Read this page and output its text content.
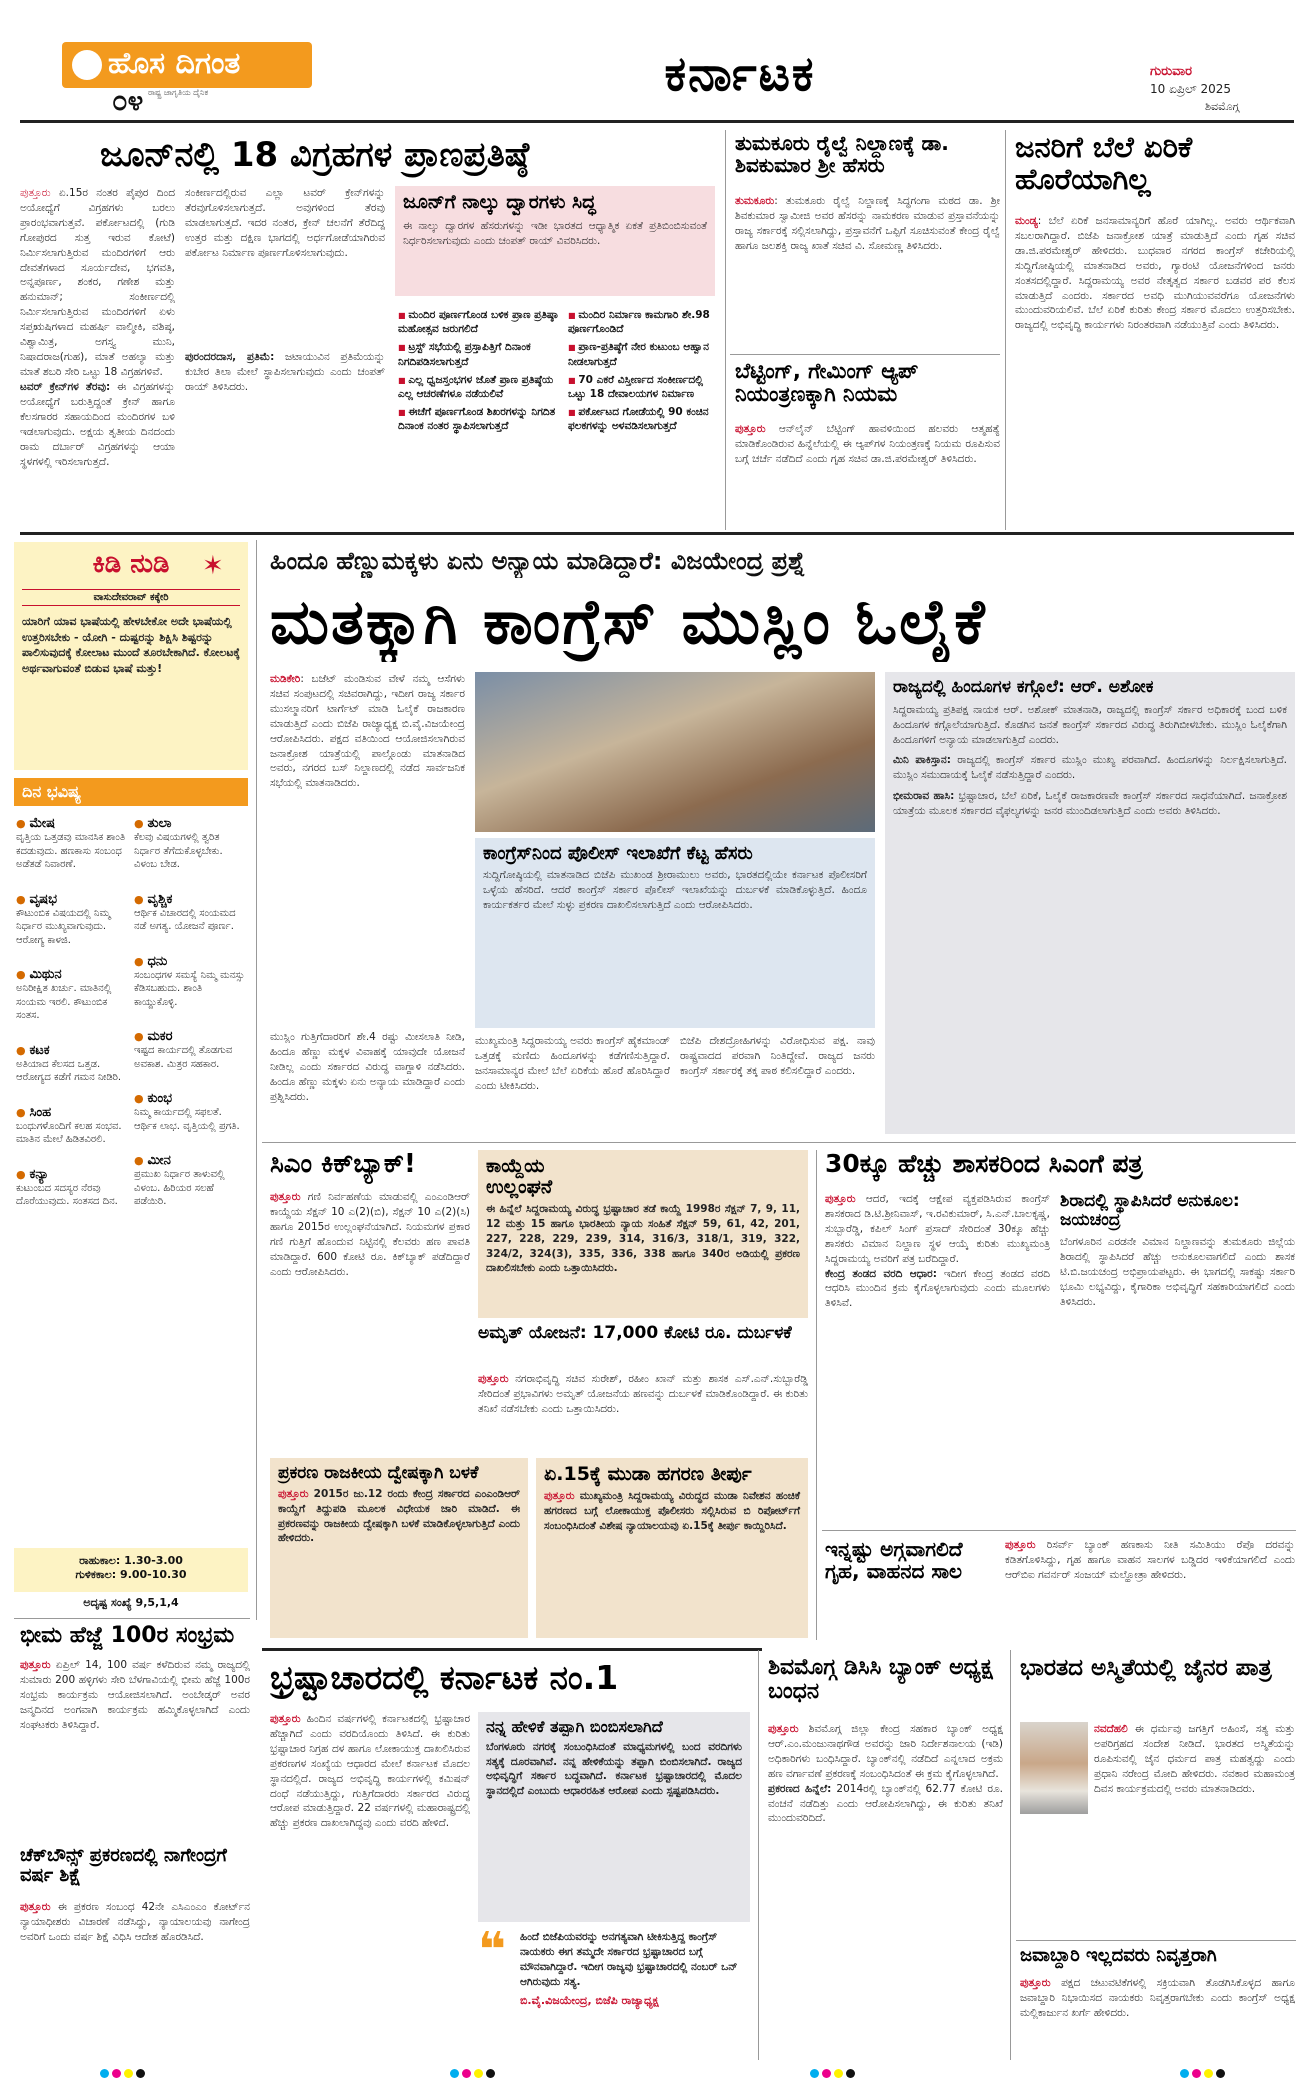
ಹೊಸ ದಿಗಂತ
ರಾಷ್ಟ್ರ ಜಾಗೃತಿಯ ದೈನಿಕ
೦೪	ಕರ್ನಾಟಕ	ಗುರುವಾರ
10 ಏಪ್ರಿಲ್ 2025
ಶಿವಮೊಗ್ಗ
ಜೂನ್‌ನಲ್ಲಿ 18 ವಿಗ್ರಹಗಳ ಪ್ರಾಣಪ್ರತಿಷ್ಠೆ
ಪುತ್ತೂರು ಏ.15ರ ನಂತರ ಪೈಪುರ ದಿಂದ ಅಯೋಧ್ಯೆಗೆ ವಿಗ್ರಹಗಳು ಬರಲು ಪ್ರಾರಂಭವಾಗುತ್ತವೆ. ಪರ್ಕೋಟದಲ್ಲಿ (ಗುಡಿ ಗೋಪುರದ ಸುತ್ತ ಇರುವ ಕೋಟೆ) ನಿರ್ಮಿಸಲಾಗುತ್ತಿರುವ ಮಂದಿರಗಳಿಗೆ ಆರು ದೇವತೆಗಳಾದ ಸೂರ್ಯದೇವ, ಭಗವತಿ, ಅನ್ನಪೂರ್ಣ, ಶಂಕರ, ಗಣೇಶ ಮತ್ತು ಹನುಮಾನ್; ಸಂಕೀರ್ಣದಲ್ಲಿ ನಿರ್ಮಿಸಲಾಗುತ್ತಿರುವ ಮಂದಿರಗಳಿಗೆ ಏಳು ಸಪ್ತಋಷಿಗಳಾದ ಮಹರ್ಷಿ ವಾಲ್ಮೀಕಿ, ವಶಿಷ್ಠ, ವಿಶ್ವಾಮಿತ್ರ, ಅಗಸ್ತ್ಯ ಮುನಿ, ನಿಷಾದರಾಜ(ಗುಹ), ಮಾತೆ ಅಹಲ್ಯಾ ಮತ್ತು ಮಾತೆ ಶಬರಿ ಸೇರಿ ಒಟ್ಟು 18 ವಿಗ್ರಹಗಳಿವೆ.
ಟವರ್ ಕ್ರೇನ್‌ಗಳ ತೆರವು: ಈ ವಿಗ್ರಹಗಳನ್ನು ಅಯೋಧ್ಯೆಗೆ ಬರುತ್ತಿದ್ದಂತೆ ಕ್ರೇನ್ ಹಾಗೂ ಕೆಲಸಗಾರರ ಸಹಾಯದಿಂದ ಮಂದಿರಗಳ ಬಳಿ ಇಡಲಾಗುವುದು. ಅಕ್ಷಯ ತೃತೀಯ ದಿನದಂದು ರಾಮ ದರ್ಬಾರ್ ವಿಗ್ರಹಗಳನ್ನು ಆಯಾ ಸ್ಥಳಗಳಲ್ಲಿ ಇರಿಸಲಾಗುತ್ತದೆ.
ಸಂಕೀರ್ಣದಲ್ಲಿರುವ ಎಲ್ಲಾ ಟವರ್ ಕ್ರೇನ್‌ಗಳನ್ನು ತೆರವುಗೊಳಿಸಲಾಗುತ್ತದೆ. ಅವುಗಳಿಂದ ತೆರವು ಮಾಡಲಾಗುತ್ತದೆ. ಇದರ ನಂತರ, ಕ್ರೇನ್ ಚಲನೆಗೆ ತೆರೆದಿದ್ದ ಉತ್ತರ ಮತ್ತು ದಕ್ಷಿಣ ಭಾಗದಲ್ಲಿ ಅರ್ಧಗೋಡೆಯಾಗಿರುವ ಪರ್ಕೋಟ ನಿರ್ಮಾಣ ಪೂರ್ಣಗೊಳಿಸಲಾಗುವುದು.
ಪುರಂದರದಾಸ, ಪ್ರತಿಮೆ: ಜಟಾಯುವಿನ ಪ್ರತಿಮೆಯನ್ನು ಕುಬೇರ ತಿಲಾ ಮೇಲೆ ಸ್ಥಾಪಿಸಲಾಗುವುದು ಎಂದು ಚಂಪತ್ ರಾಯ್ ತಿಳಿಸಿದರು.
ಜೂನ್‌ಗೆ ನಾಲ್ಕು ದ್ವಾರಗಳು ಸಿದ್ಧ
ಈ ನಾಲ್ಕು ದ್ವಾರಗಳ ಹೆಸರುಗಳನ್ನು ಇಡೀ ಭಾರತದ ಆಧ್ಯಾತ್ಮಿಕ ಏಕತೆ ಪ್ರತಿಬಿಂಬಿಸುವಂತೆ ನಿರ್ಧರಿಸಲಾಗುವುದು ಎಂದು ಚಂಪತ್ ರಾಯ್ ವಿವರಿಸಿದರು.
■ ಮಂದಿರ ಪೂರ್ಣಗೊಂಡ ಬಳಿಕ ಪ್ರಾಣ ಪ್ರತಿಷ್ಠಾ ಮಹೋತ್ಸವ ಜರುಗಲಿದೆ
■ ಟ್ರಸ್ಟ್ ಸಭೆಯಲ್ಲಿ ಪ್ರಸ್ತಾಪಿತ್ತಿಗೆ ದಿನಾಂಕ ನಿಗದಿಪಡಿಸಲಾಗುತ್ತದೆ
■ ಎಲ್ಲ ಧ್ವಜಸ್ತಂಭಗಳ ಜೊತೆ ಪ್ರಾಣ ಪ್ರತಿಷ್ಠೆಯ ಎಲ್ಲ ಆಚರಣೆಗಳೂ ನಡೆಯಲಿವೆ
■ ಈಚೆಗೆ ಪೂರ್ಣಗೊಂಡ ಶಿಖರಗಳನ್ನು ನಿಗದಿತ ದಿನಾಂಕ ನಂತರ ಸ್ಥಾಪಿಸಲಾಗುತ್ತದೆ
■ ಮಂದಿರ ನಿರ್ಮಾಣ ಕಾಮಗಾರಿ ಶೇ.98 ಪೂರ್ಣಗೊಂಡಿದೆ
■ ಪ್ರಾಣ-ಪ್ರತಿಷ್ಠೆಗೆ ನೇರ ಕುಟುಂಬ ಆಹ್ವಾನ ನೀಡಲಾಗುತ್ತದೆ
■ 70 ಎಕರೆ ವಿಸ್ತೀರ್ಣದ ಸಂಕೀರ್ಣದಲ್ಲಿ ಒಟ್ಟು 18 ದೇವಾಲಯಗಳ ನಿರ್ಮಾಣ
■ ಪರ್ಕೋಟದ ಗೋಡೆಯಲ್ಲಿ 90 ಕಂಚಿನ ಫಲಕಗಳನ್ನು ಅಳವಡಿಸಲಾಗುತ್ತದೆ
ತುಮಕೂರು ರೈಲ್ವೆ ನಿಲ್ದಾಣಕ್ಕೆ ಡಾ. ಶಿವಕುಮಾರ ಶ್ರೀ ಹೆಸರು
ತುಮಕೂರು: ತುಮಕೂರು ರೈಲ್ವೆ ನಿಲ್ದಾಣಕ್ಕೆ ಸಿದ್ಧಗಂಗಾ ಮಠದ ಡಾ. ಶ್ರೀ ಶಿವಕುಮಾರ ಸ್ವಾಮೀಜಿ ಅವರ ಹೆಸರನ್ನು ನಾಮಕರಣ ಮಾಡುವ ಪ್ರಸ್ತಾವನೆಯನ್ನು ರಾಜ್ಯ ಸರ್ಕಾರಕ್ಕೆ ಸಲ್ಲಿಸಲಾಗಿದ್ದು, ಪ್ರಸ್ತಾವನೆಗೆ ಒಪ್ಪಿಗೆ ಸೂಚಿಸುವಂತೆ ಕೇಂದ್ರ ರೈಲ್ವೆ ಹಾಗೂ ಜಲಶಕ್ತಿ ರಾಜ್ಯ ಖಾತೆ ಸಚಿವ ವಿ. ಸೋಮಣ್ಣ ತಿಳಿಸಿದರು.
ಬೆಟ್ಟಿಂಗ್, ಗೇಮಿಂಗ್ ಆ್ಯಪ್ ನಿಯಂತ್ರಣಕ್ಕಾಗಿ ನಿಯಮ
ಪುತ್ತೂರು ಆನ್‌ಲೈನ್ ಬೆಟ್ಟಿಂಗ್ ಹಾವಳಿಯಿಂದ ಹಲವರು ಆತ್ಮಹತ್ಯೆ ಮಾಡಿಕೊಂಡಿರುವ ಹಿನ್ನೆಲೆಯಲ್ಲಿ ಈ ಆ್ಯಪ್‌ಗಳ ನಿಯಂತ್ರಣಕ್ಕೆ ನಿಯಮ ರೂಪಿಸುವ ಬಗ್ಗೆ ಚರ್ಚೆ ನಡೆದಿದೆ ಎಂದು ಗೃಹ ಸಚಿವ ಡಾ.ಜಿ.ಪರಮೇಶ್ವರ್ ತಿಳಿಸಿದರು.
ಜನರಿಗೆ ಬೆಲೆ ಏರಿಕೆ ಹೊರೆಯಾಗಿಲ್ಲ
ಮಂಡ್ಯ: ಬೆಲೆ ಏರಿಕೆ ಜನಸಾಮಾನ್ಯರಿಗೆ ಹೊರೆ ಯಾಗಿಲ್ಲ. ಅವರು ಆರ್ಥಿಕವಾಗಿ ಸಬಲರಾಗಿದ್ದಾರೆ. ಬಿಜೆಪಿ ಜನಾಕ್ರೋಶ ಯಾತ್ರೆ ಮಾಡುತ್ತಿದೆ ಎಂದು ಗೃಹ ಸಚಿವ ಡಾ.ಜಿ.ಪರಮೇಶ್ವರ್ ಹೇಳಿದರು. ಬುಧವಾರ ನಗರದ ಕಾಂಗ್ರೆಸ್ ಕಚೇರಿಯಲ್ಲಿ ಸುದ್ದಿಗೋಷ್ಠಿಯಲ್ಲಿ ಮಾತನಾಡಿದ ಅವರು, ಗ್ಯಾರಂಟಿ ಯೋಜನೆಗಳಿಂದ ಜನರು ಸಂತಸದಲ್ಲಿದ್ದಾರೆ. ಸಿದ್ದರಾಮಯ್ಯ ಅವರ ನೇತೃತ್ವದ ಸರ್ಕಾರ ಬಡವರ ಪರ ಕೆಲಸ ಮಾಡುತ್ತಿದೆ ಎಂದರು. ಸರ್ಕಾರದ ಅವಧಿ ಮುಗಿಯುವವರೆಗೂ ಯೋಜನೆಗಳು ಮುಂದುವರಿಯಲಿವೆ. ಬೆಲೆ ಏರಿಕೆ ಕುರಿತು ಕೇಂದ್ರ ಸರ್ಕಾರ ಮೊದಲು ಉತ್ತರಿಸಬೇಕು. ರಾಜ್ಯದಲ್ಲಿ ಅಭಿವೃದ್ಧಿ ಕಾರ್ಯಗಳು ನಿರಂತರವಾಗಿ ನಡೆಯುತ್ತಿವೆ ಎಂದು ತಿಳಿಸಿದರು.
ಕಿಡಿ ನುಡಿ	✶
ವಾಸುದೇವರಾವ್ ಕಕ್ಕೇರಿ
ಯಾರಿಗೆ ಯಾವ ಭಾಷೆಯಲ್ಲಿ ಹೇಳಬೇಕೋ ಅದೇ ಭಾಷೆಯಲ್ಲಿ ಉತ್ತರಿಸಬೇಕು - ಯೋಗಿ - ದುಷ್ಟರನ್ನು ಶಿಕ್ಷಿಸಿ ಶಿಷ್ಟರನ್ನು ಪಾಲಿಸುವುದಕ್ಕೆ ಕೋಲಾಟ ಮುಂದೆ ತೂರಬೇಕಾಗಿದೆ. ಕೋಲಟಕ್ಕೆ ಅರ್ಥವಾಗುವಂತೆ ಬಿಡುವ ಭಾಷೆ ಮತ್ತು!
ದಿನ ಭವಿಷ್ಯ
● ಮೇಷ
ವೃತ್ತಿಯ ಒತ್ತಡವು ಮಾನಸಿಕ ಶಾಂತಿ ಕದಡುವುದು. ಹಣಕಾಸು ಸಂಬಂಧ ಅಡೆತಡೆ ನಿವಾರಣೆ.
● ವೃಷಭ
ಕೌಟುಂಬಿಕ ವಿಷಯದಲ್ಲಿ ನಿಮ್ಮ ನಿರ್ಧಾರ ಮುಖ್ಯವಾಗುವುದು. ಆರೋಗ್ಯ ಕಾಳಜಿ.
● ಮಿಥುನ
ಅನಿರೀಕ್ಷಿತ ಖರ್ಚು. ಮಾತಿನಲ್ಲಿ ಸಂಯಮ ಇರಲಿ. ಕೌಟುಂಬಿಕ ಸಂತಸ.
● ಕಟಕ
ಅತಿಯಾದ ಕೆಲಸದ ಒತ್ತಡ. ಆರೋಗ್ಯದ ಕಡೆಗೆ ಗಮನ ನೀಡಿರಿ.
● ಸಿಂಹ
ಬಂಧುಗಳೊಂದಿಗೆ ಕಲಹ ಸಂಭವ. ಮಾತಿನ ಮೇಲೆ ಹಿಡಿತವಿರಲಿ.
● ಕನ್ಯಾ
ಕುಟುಂಬದ ಸದಸ್ಯರ ನೆರವು ದೊರೆಯುವುದು. ಸಂತಸದ ದಿನ.
● ತುಲಾ
ಕೆಲವು ವಿಷಯಗಳಲ್ಲಿ ತ್ವರಿತ ನಿರ್ಧಾರ ತೆಗೆದುಕೊಳ್ಳಬೇಕು. ವಿಳಂಬ ಬೇಡ.
● ವೃಶ್ಚಿಕ
ಆರ್ಥಿಕ ವಿಚಾರದಲ್ಲಿ ಸಂಯಮದ ನಡೆ ಅಗತ್ಯ. ಯೋಜನೆ ಪೂರ್ಣ.
● ಧನು
ಸಂಬಂಧಗಳ ಸಮಸ್ಯೆ ನಿಮ್ಮ ಮನಸ್ಸು ಕೆಡಿಸಬಹುದು. ಶಾಂತಿ ಕಾಯ್ದುಕೊಳ್ಳಿ.
● ಮಕರ
ಇಷ್ಟದ ಕಾರ್ಯದಲ್ಲಿ ತೊಡಗುವ ಅವಕಾಶ. ಮಿತ್ರರ ಸಹಕಾರ.
● ಕುಂಭ
ನಿಮ್ಮ ಕಾರ್ಯದಲ್ಲಿ ಸಫಲತೆ. ಆರ್ಥಿಕ ಲಾಭ. ವೃತ್ತಿಯಲ್ಲಿ ಪ್ರಗತಿ.
● ಮೀನ
ಪ್ರಮುಖ ನಿರ್ಧಾರ ತಾಳುವಲ್ಲಿ ವಿಳಂಬ. ಹಿರಿಯರ ಸಲಹೆ ಪಡೆಯಿರಿ.
ರಾಹುಕಾಲ: 1.30-3.00
ಗುಳಿಕಕಾಲ: 9.00-10.30
ಅದೃಷ್ಟ ಸಂಖ್ಯೆ 9,5,1,4
ಹಿಂದೂ ಹೆಣ್ಣುಮಕ್ಕಳು ಏನು ಅನ್ಯಾಯ ಮಾಡಿದ್ದಾರೆ: ವಿಜಯೇಂದ್ರ ಪ್ರಶ್ನೆ
ಮತಕ್ಕಾಗಿ ಕಾಂಗ್ರೆಸ್ ಮುಸ್ಲಿಂ ಓಲೈಕೆ
ಮಡಿಕೇರಿ: ಬಜೆಟ್ ಮಂಡಿಸುವ ವೇಳೆ ನಮ್ಮ ಆಸೆಗಳು ಸಚಿವ ಸಂಪುಟದಲ್ಲಿ ಸಚಿವರಾಗಿದ್ದು, ಇದೀಗ ರಾಜ್ಯ ಸರ್ಕಾರ ಮುಸಲ್ಮಾನರಿಗೆ ಟಾರ್ಗೆಟ್ ಮಾಡಿ ಓಲೈಕೆ ರಾಜಕಾರಣ ಮಾಡುತ್ತಿದೆ ಎಂದು ಬಿಜೆಪಿ ರಾಜ್ಯಾಧ್ಯಕ್ಷ ಬಿ.ವೈ.ವಿಜಯೇಂದ್ರ ಆರೋಪಿಸಿದರು. ಪಕ್ಷದ ವತಿಯಿಂದ ಆಯೋಜಿಸಲಾಗಿರುವ ಜನಾಕ್ರೋಶ ಯಾತ್ರೆಯಲ್ಲಿ ಪಾಲ್ಗೊಂಡು ಮಾತನಾಡಿದ ಅವರು, ನಗರದ ಬಸ್ ನಿಲ್ದಾಣದಲ್ಲಿ ನಡೆದ ಸಾರ್ವಜನಿಕ ಸಭೆಯಲ್ಲಿ ಮಾತನಾಡಿದರು.
ಮುಸ್ಲಿಂ ಗುತ್ತಿಗೆದಾರರಿಗೆ ಶೇ.4 ರಷ್ಟು ಮೀಸಲಾತಿ ನೀಡಿ, ಹಿಂದೂ ಹೆಣ್ಣು ಮಕ್ಕಳ ವಿವಾಹಕ್ಕೆ ಯಾವುದೇ ಯೋಜನೆ ನೀಡಿಲ್ಲ ಎಂದು ಸರ್ಕಾರದ ವಿರುದ್ಧ ವಾಗ್ದಾಳಿ ನಡೆಸಿದರು. ಹಿಂದೂ ಹೆಣ್ಣು ಮಕ್ಕಳು ಏನು ಅನ್ಯಾಯ ಮಾಡಿದ್ದಾರೆ ಎಂದು ಪ್ರಶ್ನಿಸಿದರು.
ಕಾಂಗ್ರೆಸ್‌ನಿಂದ ಪೊಲೀಸ್ ಇಲಾಖೆಗೆ ಕೆಟ್ಟ ಹೆಸರು
ಸುದ್ದಿಗೋಷ್ಠಿಯಲ್ಲಿ ಮಾತನಾಡಿದ ಬಿಜೆಪಿ ಮುಖಂಡ ಶ್ರೀರಾಮುಲು ಅವರು, ಭಾರತದಲ್ಲಿಯೇ ಕರ್ನಾಟಕ ಪೊಲೀಸರಿಗೆ ಒಳ್ಳೆಯ ಹೆಸರಿದೆ. ಆದರೆ ಕಾಂಗ್ರೆಸ್ ಸರ್ಕಾರ ಪೊಲೀಸ್ ಇಲಾಖೆಯನ್ನು ದುರ್ಬಳಕೆ ಮಾಡಿಕೊಳ್ಳುತ್ತಿದೆ. ಹಿಂದೂ ಕಾರ್ಯಕರ್ತರ ಮೇಲೆ ಸುಳ್ಳು ಪ್ರಕರಣ ದಾಖಲಿಸಲಾಗುತ್ತಿದೆ ಎಂದು ಆರೋಪಿಸಿದರು.
ಮುಖ್ಯಮಂತ್ರಿ ಸಿದ್ದರಾಮಯ್ಯ ಅವರು ಕಾಂಗ್ರೆಸ್ ಹೈಕಮಾಂಡ್ ಒತ್ತಡಕ್ಕೆ ಮಣಿದು ಹಿಂದೂಗಳನ್ನು ಕಡೆಗಣಿಸುತ್ತಿದ್ದಾರೆ. ಜನಸಾಮಾನ್ಯರ ಮೇಲೆ ಬೆಲೆ ಏರಿಕೆಯ ಹೊರೆ ಹೊರಿಸಿದ್ದಾರೆ ಎಂದು ಟೀಕಿಸಿದರು.
ಬಿಜೆಪಿ ದೇಶದ್ರೋಹಿಗಳನ್ನು ವಿರೋಧಿಸುವ ಪಕ್ಷ. ನಾವು ರಾಷ್ಟ್ರವಾದದ ಪರವಾಗಿ ನಿಂತಿದ್ದೇವೆ. ರಾಜ್ಯದ ಜನರು ಕಾಂಗ್ರೆಸ್ ಸರ್ಕಾರಕ್ಕೆ ತಕ್ಕ ಪಾಠ ಕಲಿಸಲಿದ್ದಾರೆ ಎಂದರು.
ರಾಜ್ಯದಲ್ಲಿ ಹಿಂದೂಗಳ ಕಗ್ಗೊಲೆ: ಆರ್. ಅಶೋಕ
ಸಿದ್ದರಾಮಯ್ಯ ಪ್ರತಿಪಕ್ಷ ನಾಯಕ ಆರ್. ಅಶೋಕ್ ಮಾತನಾಡಿ, ರಾಜ್ಯದಲ್ಲಿ ಕಾಂಗ್ರೆಸ್ ಸರ್ಕಾರ ಅಧಿಕಾರಕ್ಕೆ ಬಂದ ಬಳಿಕ ಹಿಂದೂಗಳ ಕಗ್ಗೊಲೆಯಾಗುತ್ತಿದೆ. ಕೊಡಗಿನ ಜನತೆ ಕಾಂಗ್ರೆಸ್ ಸರ್ಕಾರದ ವಿರುದ್ಧ ತಿರುಗಿಬೀಳಬೇಕು. ಮುಸ್ಲಿಂ ಓಲೈಕೆಗಾಗಿ ಹಿಂದೂಗಳಿಗೆ ಅನ್ಯಾಯ ಮಾಡಲಾಗುತ್ತಿದೆ ಎಂದರು.
ಮಿನಿ ಪಾಕಿಸ್ತಾನ: ರಾಜ್ಯದಲ್ಲಿ ಕಾಂಗ್ರೆಸ್ ಸರ್ಕಾರ ಮುಸ್ಲಿಂ ಮುಖ್ಯ ಪರವಾಗಿದೆ. ಹಿಂದೂಗಳನ್ನು ನಿರ್ಲಕ್ಷಿಸಲಾಗುತ್ತಿದೆ. ಮುಸ್ಲಿಂ ಸಮುದಾಯಕ್ಕೆ ಓಲೈಕೆ ನಡೆಸುತ್ತಿದ್ದಾರೆ ಎಂದರು.
ಭೀಮರಾವ ಹಾಸಿ: ಭ್ರಷ್ಟಾಚಾರ, ಬೆಲೆ ಏರಿಕೆ, ಓಲೈಕೆ ರಾಜಕಾರಣವೇ ಕಾಂಗ್ರೆಸ್ ಸರ್ಕಾರದ ಸಾಧನೆಯಾಗಿದೆ. ಜನಾಕ್ರೋಶ ಯಾತ್ರೆಯ ಮೂಲಕ ಸರ್ಕಾರದ ವೈಫಲ್ಯಗಳನ್ನು ಜನರ ಮುಂದಿಡಲಾಗುತ್ತಿದೆ ಎಂದು ಅವರು ತಿಳಿಸಿದರು.
ಸಿಎಂ ಕಿಕ್‌ಬ್ಯಾಕ್!
ಪುತ್ತೂರು ಗಣಿ ನಿರ್ವಹಣೆಯ ಮಾಡುವಲ್ಲಿ ಎಂಎಂಡಿಆರ್ ಕಾಯ್ದೆಯ ಸೆಕ್ಷನ್ 10 ಎ(2)(ಬಿ), ಸೆಕ್ಷನ್ 10 ಎ(2)(ಸಿ) ಹಾಗೂ 2015ರ ಉಲ್ಲಂಘನೆಯಾಗಿದೆ. ನಿಯಮಗಳ ಪ್ರಕಾರ ಗಣಿ ಗುತ್ತಿಗೆ ಹೊಂದುವ ನಿಟ್ಟಿನಲ್ಲಿ ಕೆಲವರು ಹಣ ಪಾವತಿ ಮಾಡಿದ್ದಾರೆ. 600 ಕೋಟಿ ರೂ. ಕಿಕ್‌ಬ್ಯಾಕ್ ಪಡೆದಿದ್ದಾರೆ ಎಂದು ಆರೋಪಿಸಿದರು.
ಕಾಯ್ದೆಯ ಉಲ್ಲಂಘನೆ
ಈ ಹಿನ್ನೆಲೆ ಸಿದ್ದರಾಮಯ್ಯ ವಿರುದ್ಧ ಭ್ರಷ್ಟಾಚಾರ ತಡೆ ಕಾಯ್ದೆ 1998ರ ಸೆಕ್ಷನ್ 7, 9, 11, 12 ಮತ್ತು 15 ಹಾಗೂ ಭಾರತೀಯ ನ್ಯಾಯ ಸಂಹಿತೆ ಸೆಕ್ಷನ್ 59, 61, 42, 201, 227, 228, 229, 239, 314, 316/3, 318/1, 319, 322, 324/2, 324(3), 335, 336, 338 ಹಾಗೂ 340ರ ಅಡಿಯಲ್ಲಿ ಪ್ರಕರಣ ದಾಖಲಿಸಬೇಕು ಎಂದು ಒತ್ತಾಯಿಸಿದರು.
ಅಮೃತ್ ಯೋಜನೆ: 17,000 ಕೋಟಿ ರೂ. ದುರ್ಬಳಕೆ
ಪುತ್ತೂರು ನಗರಾಭಿವೃದ್ಧಿ ಸಚಿವ ಸುರೇಶ್, ರಹೀಂ ಖಾನ್ ಮತ್ತು ಶಾಸಕ ಎಸ್.ಎನ್.ಸುಬ್ಬಾರೆಡ್ಡಿ ಸೇರಿದಂತೆ ಪ್ರಭಾವಿಗಳು ಅಮೃತ್ ಯೋಜನೆಯ ಹಣವನ್ನು ದುರ್ಬಳಕೆ ಮಾಡಿಕೊಂಡಿದ್ದಾರೆ. ಈ ಕುರಿತು ತನಿಖೆ ನಡೆಸಬೇಕು ಎಂದು ಒತ್ತಾಯಿಸಿದರು.
ಪ್ರಕರಣ ರಾಜಕೀಯ ದ್ವೇಷಕ್ಕಾಗಿ ಬಳಕೆ
ಪುತ್ತೂರು 2015ರ ಜು.12 ರಂದು ಕೇಂದ್ರ ಸರ್ಕಾರದ ಎಂಎಂಡಿಆರ್ ಕಾಯ್ದೆಗೆ ತಿದ್ದುಪಡಿ ಮೂಲಕ ವಿಧೇಯಕ ಜಾರಿ ಮಾಡಿದೆ. ಈ ಪ್ರಕರಣವನ್ನು ರಾಜಕೀಯ ದ್ವೇಷಕ್ಕಾಗಿ ಬಳಕೆ ಮಾಡಿಕೊಳ್ಳಲಾಗುತ್ತಿದೆ ಎಂದು ಹೇಳಿದರು.
ಏ.15ಕ್ಕೆ ಮುಡಾ ಹಗರಣ ತೀರ್ಪು
ಪುತ್ತೂರು ಮುಖ್ಯಮಂತ್ರಿ ಸಿದ್ದರಾಮಯ್ಯ ವಿರುದ್ಧದ ಮುಡಾ ನಿವೇಶನ ಹಂಚಿಕೆ ಹಗರಣದ ಬಗ್ಗೆ ಲೋಕಾಯುಕ್ತ ಪೊಲೀಸರು ಸಲ್ಲಿಸಿರುವ ಬಿ ರಿಪೋರ್ಟ್‌ಗೆ ಸಂಬಂಧಿಸಿದಂತೆ ವಿಶೇಷ ನ್ಯಾಯಾಲಯವು ಏ.15ಕ್ಕೆ ತೀರ್ಪು ಕಾಯ್ದಿರಿಸಿದೆ.
30ಕ್ಕೂ ಹೆಚ್ಚು ಶಾಸಕರಿಂದ ಸಿಎಂಗೆ ಪತ್ರ
ಪುತ್ತೂರು ಆದರೆ, ಇದಕ್ಕೆ ಆಕ್ಷೇಪ ವ್ಯಕ್ತಪಡಿಸಿರುವ ಕಾಂಗ್ರೆಸ್ ಶಾಸಕರಾದ ಡಿ.ಟಿ.ಶ್ರೀನಿವಾಸ್, ಇ.ರವಿಕುಮಾರ್, ಸಿ.ಎನ್.ಬಾಲಕೃಷ್ಣ, ಸುಬ್ಬಾರೆಡ್ಡಿ, ಕಪಿಲ್ ಸಿಂಗ್ ಪ್ರಸಾದ್ ಸೇರಿದಂತೆ 30ಕ್ಕೂ ಹೆಚ್ಚು ಶಾಸಕರು ವಿಮಾನ ನಿಲ್ದಾಣ ಸ್ಥಳ ಆಯ್ಕೆ ಕುರಿತು ಮುಖ್ಯಮಂತ್ರಿ ಸಿದ್ದರಾಮಯ್ಯ ಅವರಿಗೆ ಪತ್ರ ಬರೆದಿದ್ದಾರೆ.
ಕೇಂದ್ರ ತಂಡದ ವರದಿ ಆಧಾರ: ಇದೀಗ ಕೇಂದ್ರ ತಂಡದ ವರದಿ ಆಧರಿಸಿ ಮುಂದಿನ ಕ್ರಮ ಕೈಗೊಳ್ಳಲಾಗುವುದು ಎಂದು ಮೂಲಗಳು ತಿಳಿಸಿವೆ.
ಶಿರಾದಲ್ಲಿ ಸ್ಥಾಪಿಸಿದರೆ ಅನುಕೂಲ: ಜಯಚಂದ್ರ
ಬೆಂಗಳೂರಿನ ಎರಡನೇ ವಿಮಾನ ನಿಲ್ದಾಣವನ್ನು ತುಮಕೂರು ಜಿಲ್ಲೆಯ ಶಿರಾದಲ್ಲಿ ಸ್ಥಾಪಿಸಿದರೆ ಹೆಚ್ಚು ಅನುಕೂಲವಾಗಲಿದೆ ಎಂದು ಶಾಸಕ ಟಿ.ಬಿ.ಜಯಚಂದ್ರ ಅಭಿಪ್ರಾಯಪಟ್ಟರು. ಈ ಭಾಗದಲ್ಲಿ ಸಾಕಷ್ಟು ಸರ್ಕಾರಿ ಭೂಮಿ ಲಭ್ಯವಿದ್ದು, ಕೈಗಾರಿಕಾ ಅಭಿವೃದ್ಧಿಗೆ ಸಹಕಾರಿಯಾಗಲಿದೆ ಎಂದು ತಿಳಿಸಿದರು.
ಇನ್ನಷ್ಟು ಅಗ್ಗವಾಗಲಿದೆ ಗೃಹ, ವಾಹನದ ಸಾಲ
ಪುತ್ತೂರು ರಿಸರ್ವ್ ಬ್ಯಾಂಕ್ ಹಣಕಾಸು ನೀತಿ ಸಮಿತಿಯು ರೆಪೊ ದರವನ್ನು ಕಡಿತಗೊಳಿಸಿದ್ದು, ಗೃಹ ಹಾಗೂ ವಾಹನ ಸಾಲಗಳ ಬಡ್ಡಿದರ ಇಳಿಕೆಯಾಗಲಿದೆ ಎಂದು ಆರ್‌ಬಿಐ ಗವರ್ನರ್ ಸಂಜಯ್ ಮಲ್ಹೋತ್ರಾ ಹೇಳಿದರು.
ಭೀಮ ಹೆಜ್ಜೆ 100ರ ಸಂಭ್ರಮ
ಪುತ್ತೂರು ಏಪ್ರಿಲ್ 14, 100 ವರ್ಷ ಕಳೆದಿರುವ ನಮ್ಮ ರಾಜ್ಯದಲ್ಲಿ ಸುಮಾರು 200 ಹಳ್ಳಿಗಳು ಸೇರಿ ಬೆಳಗಾವಿಯಲ್ಲಿ ಭೀಮ ಹೆಜ್ಜೆ 100ರ ಸಂಭ್ರಮ ಕಾರ್ಯಕ್ರಮ ಆಯೋಜಿಸಲಾಗಿದೆ. ಅಂಬೇಡ್ಕರ್ ಅವರ ಜನ್ಮದಿನದ ಅಂಗವಾಗಿ ಕಾರ್ಯಕ್ರಮ ಹಮ್ಮಿಕೊಳ್ಳಲಾಗಿದೆ ಎಂದು ಸಂಘಟಕರು ತಿಳಿಸಿದ್ದಾರೆ.
ಚೆಕ್‌ಬೌನ್ಸ್ ಪ್ರಕರಣದಲ್ಲಿ ನಾಗೇಂದ್ರಗೆ ವರ್ಷ ಶಿಕ್ಷೆ
ಪುತ್ತೂರು ಈ ಪ್ರಕರಣ ಸಂಬಂಧ 42ನೇ ಎಸಿಎಂಎಂ ಕೋರ್ಟ್‌ನ ನ್ಯಾಯಾಧೀಶರು ವಿಚಾರಣೆ ನಡೆಸಿದ್ದು, ನ್ಯಾಯಾಲಯವು ನಾಗೇಂದ್ರ ಅವರಿಗೆ ಒಂದು ವರ್ಷ ಶಿಕ್ಷೆ ವಿಧಿಸಿ ಆದೇಶ ಹೊರಡಿಸಿದೆ.
ಭ್ರಷ್ಟಾಚಾರದಲ್ಲಿ ಕರ್ನಾಟಕ ನಂ.1
ಪುತ್ತೂರು ಹಿಂದಿನ ವರ್ಷಗಳಲ್ಲಿ ಕರ್ನಾಟಕದಲ್ಲಿ ಭ್ರಷ್ಟಾಚಾರ ಹೆಚ್ಚಾಗಿದೆ ಎಂದು ವರದಿಯೊಂದು ತಿಳಿಸಿದೆ. ಈ ಕುರಿತು ಭ್ರಷ್ಟಾಚಾರ ನಿಗ್ರಹ ದಳ ಹಾಗೂ ಲೋಕಾಯುಕ್ತ ದಾಖಲಿಸಿರುವ ಪ್ರಕರಣಗಳ ಸಂಖ್ಯೆಯ ಆಧಾರದ ಮೇಲೆ ಕರ್ನಾಟಕ ಮೊದಲ ಸ್ಥಾನದಲ್ಲಿದೆ. ರಾಜ್ಯದ ಅಭಿವೃದ್ಧಿ ಕಾರ್ಯಗಳಲ್ಲಿ ಕಮಿಷನ್ ದಂಧೆ ನಡೆಯುತ್ತಿದ್ದು, ಗುತ್ತಿಗೆದಾರರು ಸರ್ಕಾರದ ವಿರುದ್ಧ ಆರೋಪ ಮಾಡುತ್ತಿದ್ದಾರೆ. 22 ವರ್ಷಗಳಲ್ಲಿ ಮಹಾರಾಷ್ಟ್ರದಲ್ಲಿ ಹೆಚ್ಚು ಪ್ರಕರಣ ದಾಖಲಾಗಿದ್ದವು ಎಂದು ವರದಿ ಹೇಳಿದೆ.
ನನ್ನ ಹೇಳಿಕೆ ತಪ್ಪಾಗಿ ಬಿಂಬಿಸಲಾಗಿದೆ
ಬೆಂಗಳೂರು ನಗರಕ್ಕೆ ಸಂಬಂಧಿಸಿದಂತೆ ಮಾಧ್ಯಮಗಳಲ್ಲಿ ಬಂದ ವರದಿಗಳು ಸತ್ಯಕ್ಕೆ ದೂರವಾಗಿವೆ. ನನ್ನ ಹೇಳಿಕೆಯನ್ನು ತಪ್ಪಾಗಿ ಬಿಂಬಿಸಲಾಗಿದೆ. ರಾಜ್ಯದ ಅಭಿವೃದ್ಧಿಗೆ ಸರ್ಕಾರ ಬದ್ಧವಾಗಿದೆ. ಕರ್ನಾಟಕ ಭ್ರಷ್ಟಾಚಾರದಲ್ಲಿ ಮೊದಲ ಸ್ಥಾನದಲ್ಲಿದೆ ಎಂಬುದು ಆಧಾರರಹಿತ ಆರೋಪ ಎಂದು ಸ್ಪಷ್ಟಪಡಿಸಿದರು.
❝	ಹಿಂದೆ ಬಿಜೆಪಿಯವರನ್ನು ಅನಗತ್ಯವಾಗಿ ಟೀಕಿಸುತ್ತಿದ್ದ ಕಾಂಗ್ರೆಸ್ ನಾಯಕರು ಈಗ ತಮ್ಮದೇ ಸರ್ಕಾರದ ಭ್ರಷ್ಟಾಚಾರದ ಬಗ್ಗೆ ಮೌನವಾಗಿದ್ದಾರೆ. ಇದೀಗ ರಾಜ್ಯವು ಭ್ರಷ್ಟಾಚಾರದಲ್ಲಿ ನಂಬರ್ ಒನ್ ಆಗಿರುವುದು ಸತ್ಯ.
ಬಿ.ವೈ.ವಿಜಯೇಂದ್ರ, ಬಿಜೆಪಿ ರಾಜ್ಯಾಧ್ಯಕ್ಷ
ಶಿವಮೊಗ್ಗ ಡಿಸಿಸಿ ಬ್ಯಾಂಕ್ ಅಧ್ಯಕ್ಷ ಬಂಧನ
ಪುತ್ತೂರು ಶಿವಮೊಗ್ಗ ಜಿಲ್ಲಾ ಕೇಂದ್ರ ಸಹಕಾರ ಬ್ಯಾಂಕ್ ಅಧ್ಯಕ್ಷ ಆರ್.ಎಂ.ಮಂಜುನಾಥಗೌಡ ಅವರನ್ನು ಜಾರಿ ನಿರ್ದೇಶನಾಲಯ (ಇಡಿ) ಅಧಿಕಾರಿಗಳು ಬಂಧಿಸಿದ್ದಾರೆ. ಬ್ಯಾಂಕ್‌ನಲ್ಲಿ ನಡೆದಿದೆ ಎನ್ನಲಾದ ಅಕ್ರಮ ಹಣ ವರ್ಗಾವಣೆ ಪ್ರಕರಣಕ್ಕೆ ಸಂಬಂಧಿಸಿದಂತೆ ಈ ಕ್ರಮ ಕೈಗೊಳ್ಳಲಾಗಿದೆ.
ಪ್ರಕರಣದ ಹಿನ್ನೆಲೆ: 2014ರಲ್ಲಿ ಬ್ಯಾಂಕ್‌ನಲ್ಲಿ 62.77 ಕೋಟಿ ರೂ. ವಂಚನೆ ನಡೆದಿತ್ತು ಎಂದು ಆರೋಪಿಸಲಾಗಿದ್ದು, ಈ ಕುರಿತು ತನಿಖೆ ಮುಂದುವರಿದಿದೆ.
ಭಾರತದ ಅಸ್ಮಿತೆಯಲ್ಲಿ ಜೈನರ ಪಾತ್ರ
ನವದೆಹಲಿ ಈ ಧರ್ಮವು ಜಗತ್ತಿಗೆ ಅಹಿಂಸೆ, ಸತ್ಯ ಮತ್ತು ಅಪರಿಗ್ರಹದ ಸಂದೇಶ ನೀಡಿದೆ. ಭಾರತದ ಅಸ್ಮಿತೆಯನ್ನು ರೂಪಿಸುವಲ್ಲಿ ಜೈನ ಧರ್ಮದ ಪಾತ್ರ ಮಹತ್ವದ್ದು ಎಂದು ಪ್ರಧಾನಿ ನರೇಂದ್ರ ಮೋದಿ ಹೇಳಿದರು. ನವಕಾರ ಮಹಾಮಂತ್ರ ದಿವಸ ಕಾರ್ಯಕ್ರಮದಲ್ಲಿ ಅವರು ಮಾತನಾಡಿದರು.
ಜವಾಬ್ದಾರಿ ಇಲ್ಲದವರು ನಿವೃತ್ತರಾಗಿ
ಪುತ್ತೂರು ಪಕ್ಷದ ಚಟುವಟಿಕೆಗಳಲ್ಲಿ ಸಕ್ರಿಯವಾಗಿ ತೊಡಗಿಸಿಕೊಳ್ಳದ ಹಾಗೂ ಜವಾಬ್ದಾರಿ ನಿಭಾಯಿಸದ ನಾಯಕರು ನಿವೃತ್ತರಾಗಬೇಕು ಎಂದು ಕಾಂಗ್ರೆಸ್ ಅಧ್ಯಕ್ಷ ಮಲ್ಲಿಕಾರ್ಜುನ ಖರ್ಗೆ ಹೇಳಿದರು.
